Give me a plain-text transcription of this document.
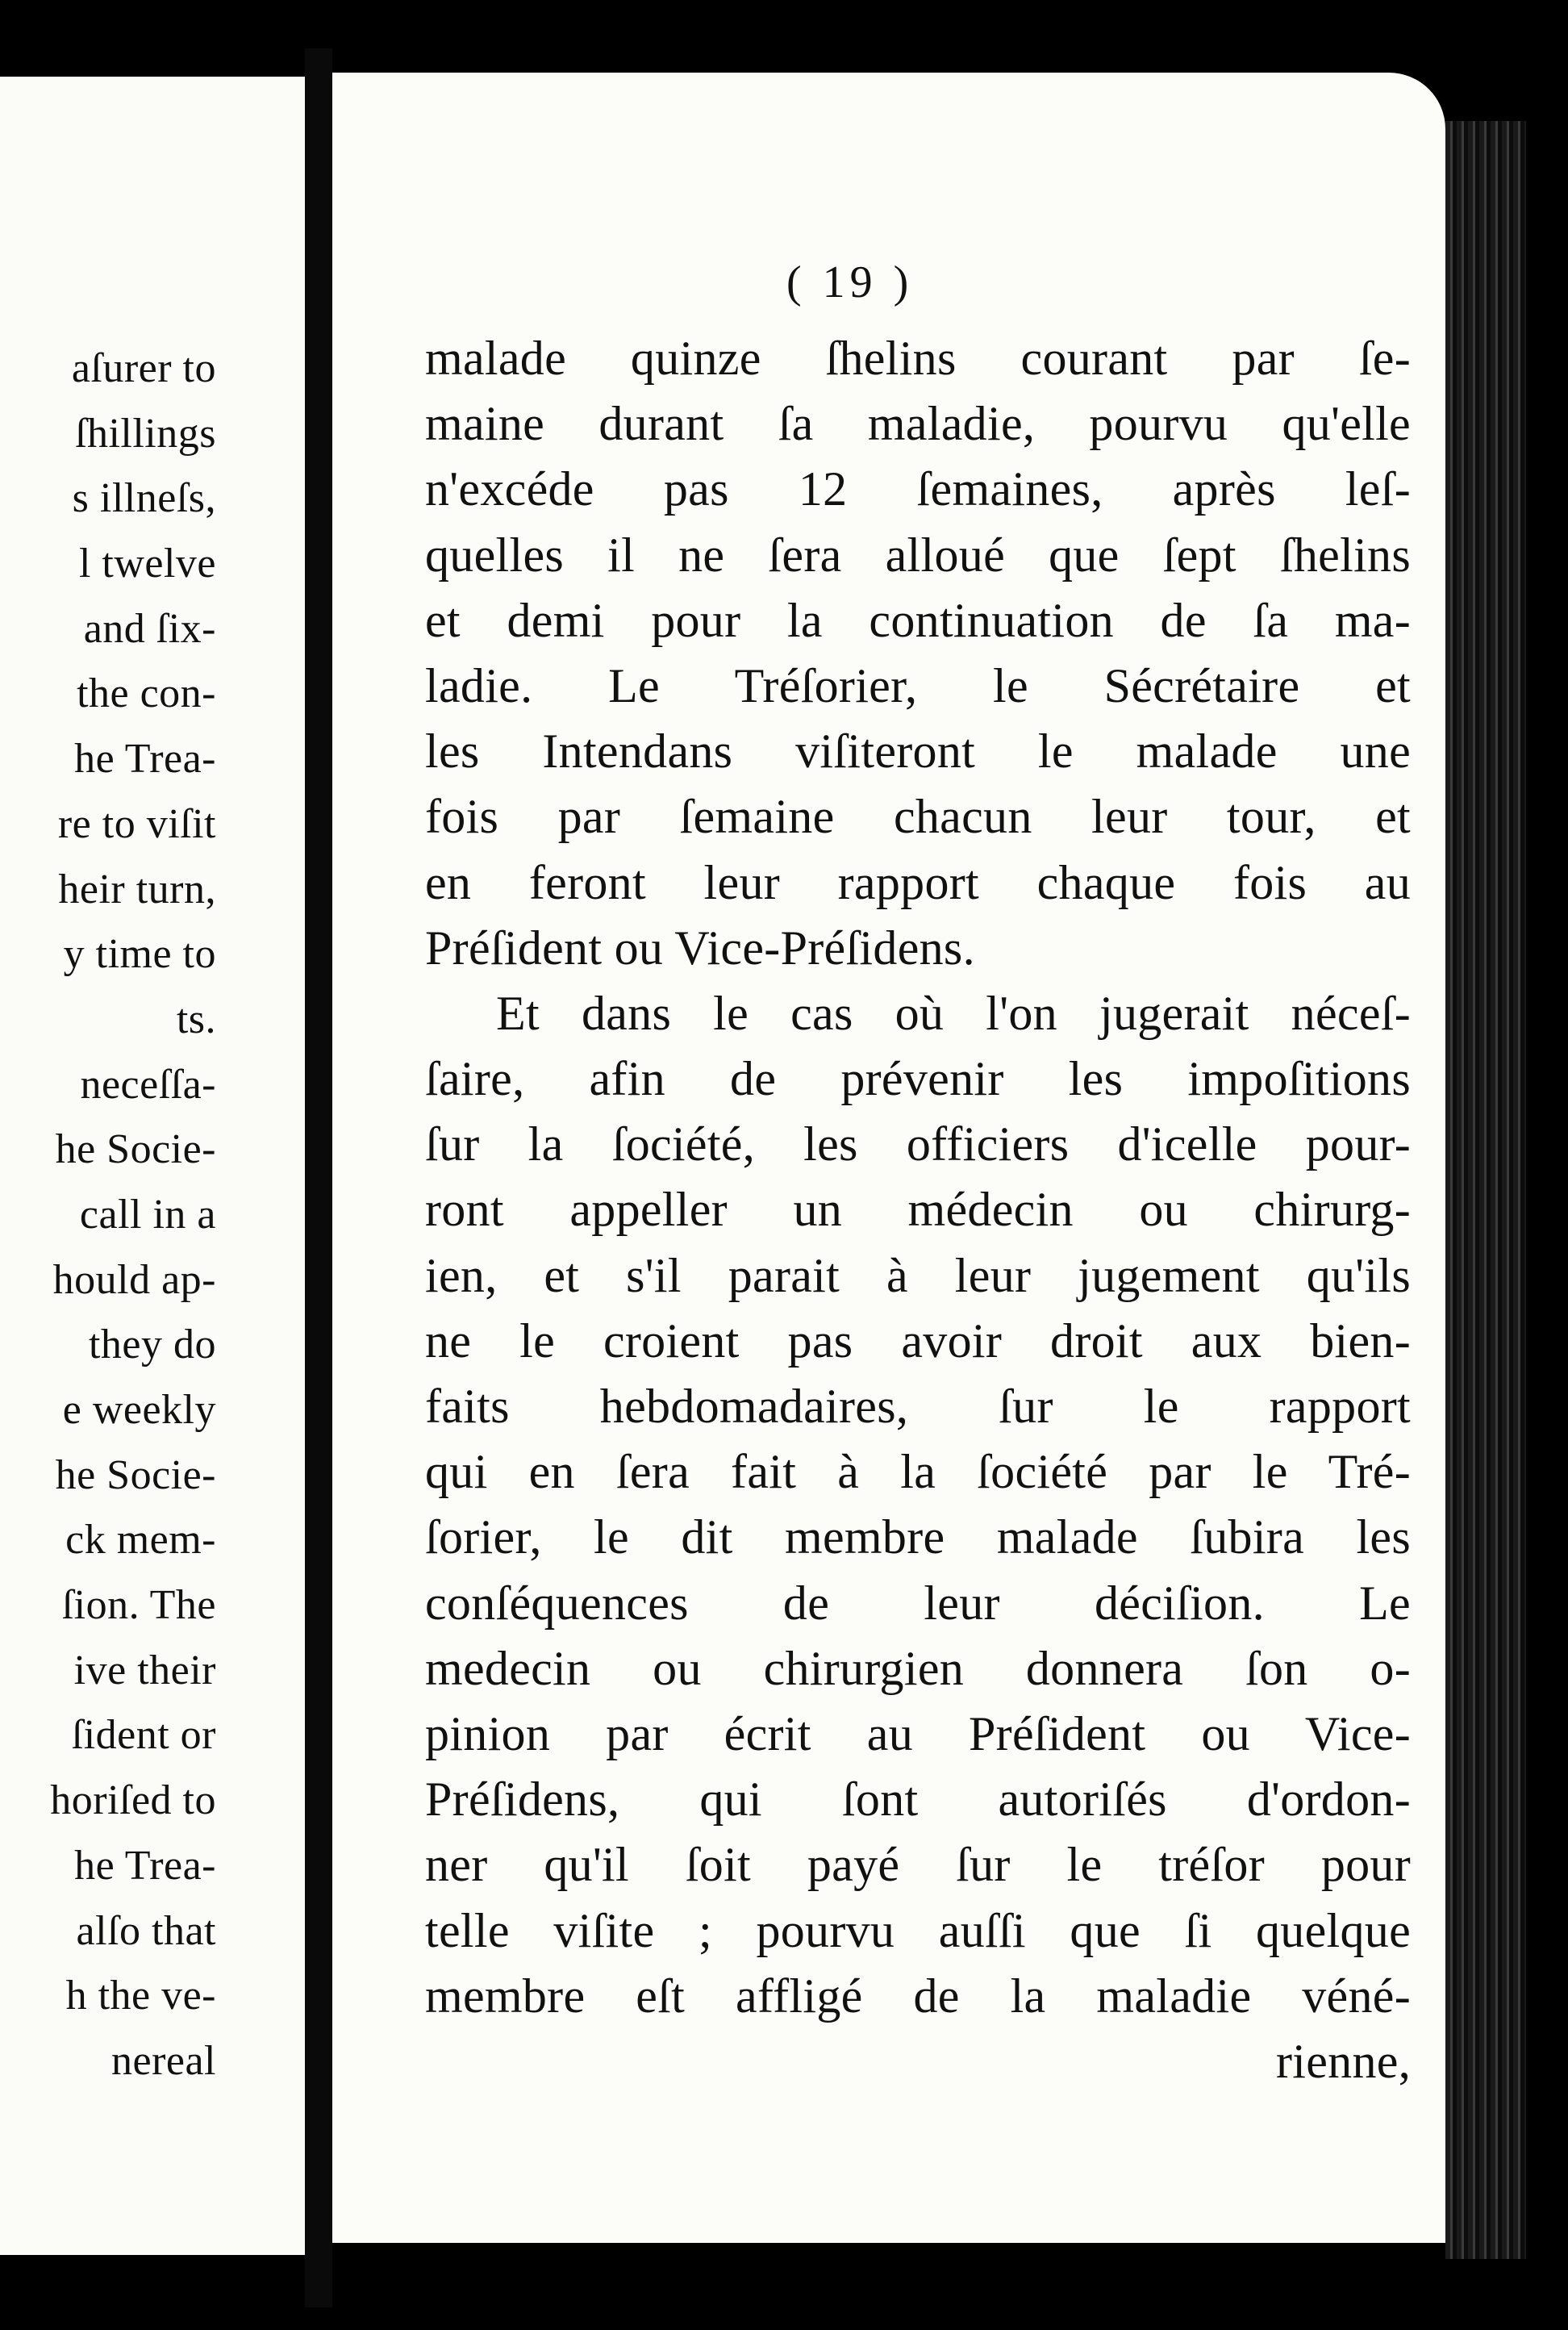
aſurer to
ſhillings
s illneſs,
l twelve
and ſix-
the con-
he Trea-
re to viſit
heir turn,
y time to
ts.
neceſſa-
he Socie-
call in a
hould ap-
they do
e weekly
he Socie-
ck mem-
ſion. The
ive their
ſident or
horiſed to
he Trea-
alſo that
h the ve-
nereal
( 19 )
malade quinze ſhelins courant par ſe-
maine durant ſa maladie, pourvu qu'elle
n'excéde pas 12 ſemaines, après leſ-
quelles il ne ſera alloué que ſept ſhelins
et demi pour la continuation de ſa ma-
ladie. Le Tréſorier, le Sécrétaire et
les Intendans viſiteront le malade une
fois par ſemaine chacun leur tour, et
en feront leur rapport chaque fois au
Préſident ou Vice-Préſidens.
Et dans le cas où l'on jugerait néceſ-
ſaire, afin de prévenir les impoſitions
ſur la ſociété, les officiers d'icelle pour-
ront appeller un médecin ou chirurg-
ien, et s'il parait à leur jugement qu'ils
ne le croient pas avoir droit aux bien-
faits hebdomadaires, ſur le rapport
qui en ſera fait à la ſociété par le Tré-
ſorier, le dit membre malade ſubira les
conſéquences de leur déciſion. Le
medecin ou chirurgien donnera ſon o-
pinion par écrit au Préſident ou Vice-
Préſidens, qui ſont autoriſés d'ordon-
ner qu'il ſoit payé ſur le tréſor pour
telle viſite ; pourvu auſſi que ſi quelque
membre eſt affligé de la maladie véné-
rienne,
